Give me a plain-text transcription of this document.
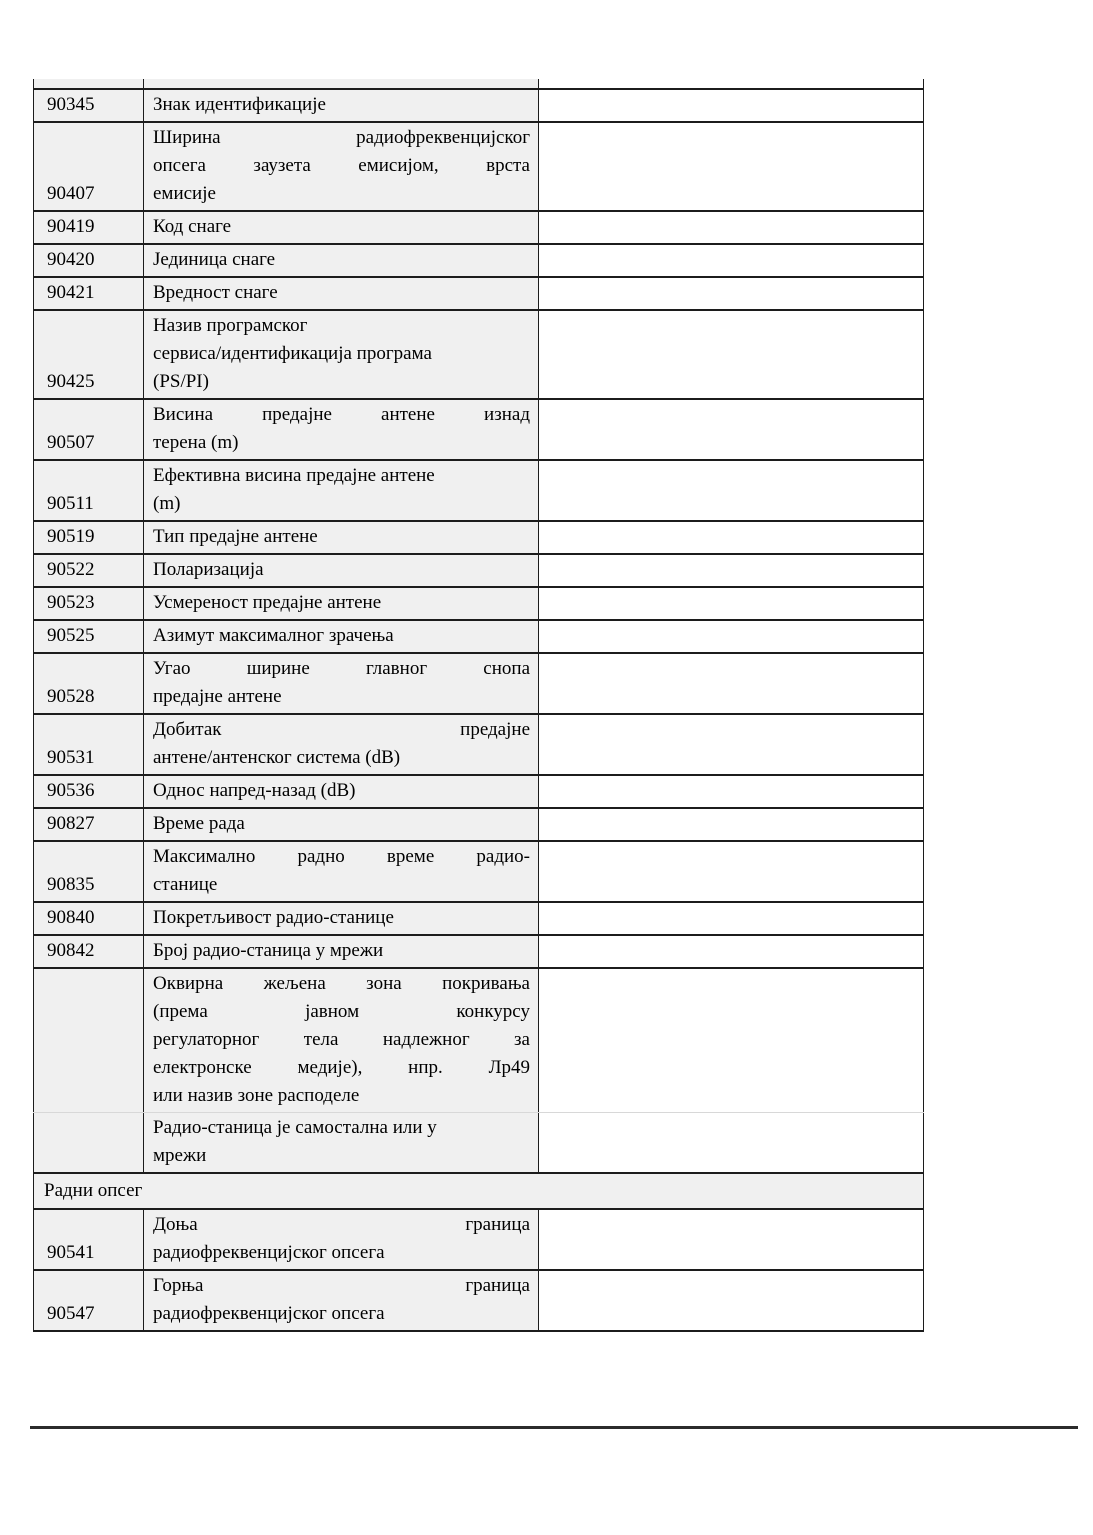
90345	Знак идентификације	

90407	Ширина радиофреквенцијског
опсега заузета емисијом, врста
емисије	

90419	Код снаге	

90420	Јединица снаге	

90421	Вредност снаге	

90425	Назив програмског
сервиса/идентификација програма
(PS/PI)	

90507	Висина предајне антене изнад
терена (m)	

90511	Ефективна висина предајне антене
(m)	

90519	Тип предајне антене	

90522	Поларизација	

90523	Усмереност предајне антене	

90525	Азимут максималног зрачења	

90528	Угао ширине главног снопа
предајне антене	

90531	Добитак предајне
антене/антенског система (dB)	

90536	Однос напред-назад (dB)	

90827	Време рада	

90835	Максимално радно време радио-
станице	

90840	Покретљивост радио-станице	

90842	Број радио-станица у мрежи	

	Оквирна жељена зона покривања
(према јавном конкурсу
регулаторног тела надлежног за
електронске медије), нпр. Лр49
или назив зоне расподеле	

	Радио-станица је самостална или у
мрежи	

Радни опсег		
90541	Доња граница
радиофреквенцијског опсега	

90547	Горња граница
радиофреквенцијског опсега	
